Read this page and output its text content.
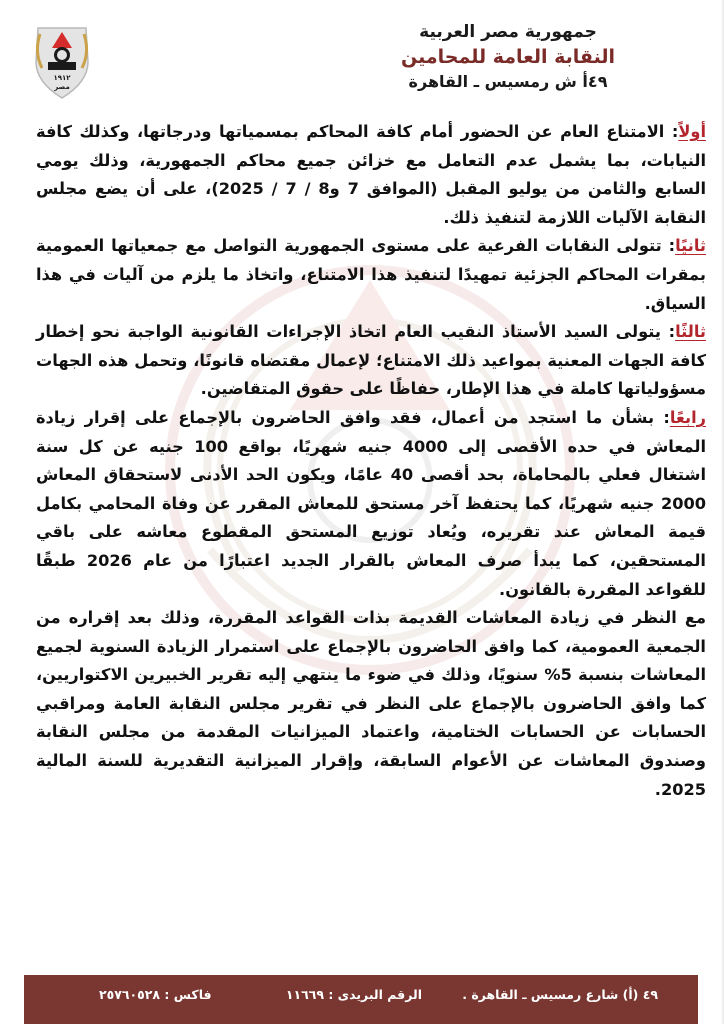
١٩١٢
مصر
جمهورية مصر العربية
النقابة العامة للمحامين
٤٩أ ش رمسيس ـ القاهرة

أولاً: الامتناع العام عن الحضور أمام كافة المحاكم بمسمياتها ودرجاتها، وكذلك كافة النيابات، بما يشمل عدم التعامل مع خزائن جميع محاكم الجمهورية، وذلك يومي السابع والثامن من يوليو المقبل (الموافق 7 و8 / 7 / 2025)، على أن يضع مجلس النقابة الآليات اللازمة لتنفيذ ذلك.

ثانيًا: تتولى النقابات الفرعية على مستوى الجمهورية التواصل مع جمعياتها العمومية بمقرات المحاكم الجزئية تمهيدًا لتنفيذ هذا الامتناع، واتخاذ ما يلزم من آليات في هذا السياق.

ثالثًا: يتولى السيد الأستاذ النقيب العام اتخاذ الإجراءات القانونية الواجبة نحو إخطار كافة الجهات المعنية بمواعيد ذلك الامتناع؛ لإعمال مقتضاه قانونًا، وتحمل هذه الجهات مسؤولياتها كاملة في هذا الإطار، حفاظًا على حقوق المتقاضين.

رابعًا: بشأن ما استجد من أعمال، فقد وافق الحاضرون بالإجماع على إقرار زيادة المعاش في حده الأقصى إلى 4000 جنيه شهريًا، بواقع 100 جنيه عن كل سنة اشتغال فعلي بالمحاماة، بحد أقصى 40 عامًا، ويكون الحد الأدنى لاستحقاق المعاش 2000 جنيه شهريًا، كما يحتفظ آخر مستحق للمعاش المقرر عن وفاة المحامي بكامل قيمة المعاش عند تقريره، ويُعاد توزيع المستحق المقطوع معاشه على باقي المستحقين، كما يبدأ صرف المعاش بالقرار الجديد اعتبارًا من عام 2026 طبقًا للقواعد المقررة بالقانون.

مع النظر في زيادة المعاشات القديمة بذات القواعد المقررة، وذلك بعد إقراره من الجمعية العمومية، كما وافق الحاضرون بالإجماع على استمرار الزيادة السنوية لجميع المعاشات بنسبة 5% سنويًا، وذلك في ضوء ما ينتهي إليه تقرير الخبيرين الاكتواريين، كما وافق الحاضرون بالإجماع على النظر في تقرير مجلس النقابة العامة ومراقبي الحسابات عن الحسابات الختامية، واعتماد الميزانيات المقدمة من مجلس النقابة وصندوق المعاشات عن الأعوام السابقة، وإقرار الميزانية التقديرية للسنة المالية 2025.

٤٩ (أ) شارع رمسيس ـ القاهرة .
الرقم البريدى : ١١٦٦٩
فاكس : ٢٥٧٦٠٥٢٨
